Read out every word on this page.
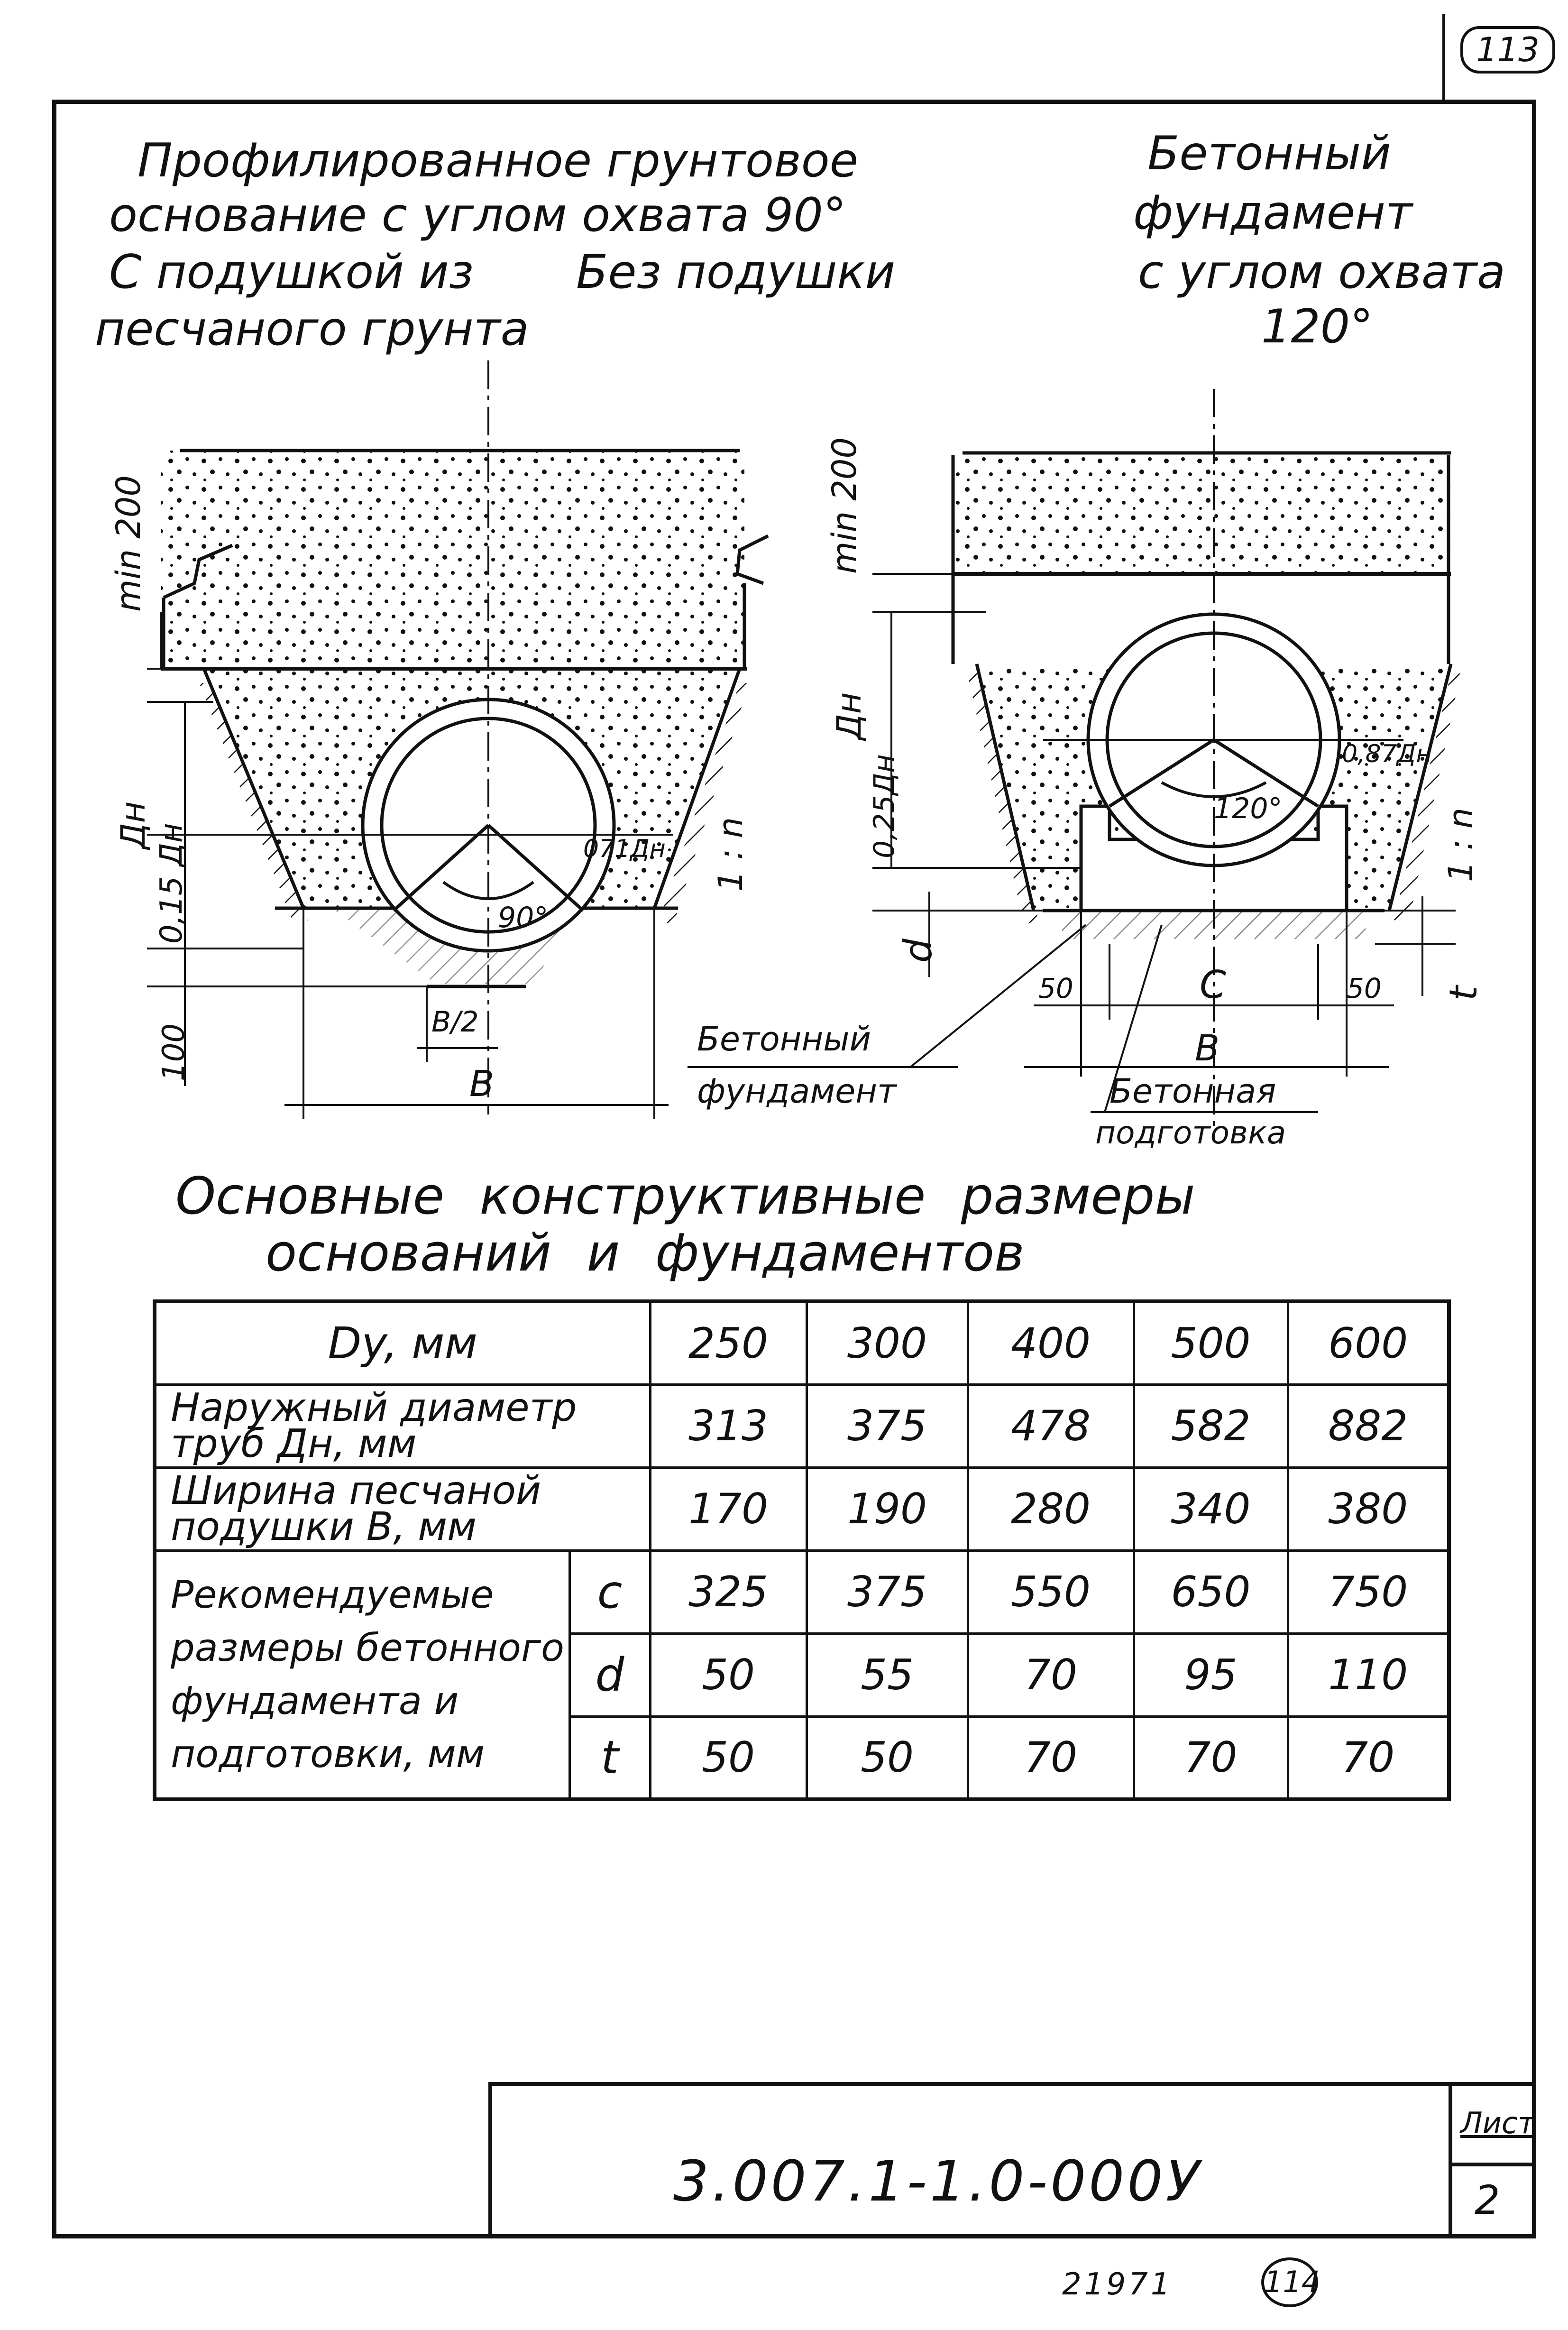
113
Профилированное грунтовое
основание с углом охвата 90°
С подушкой из Без подушки
песчаного грунта
Бетонный
фундамент
с углом охвата
120°
min 200
Дн 0,15 Дн
100
B/2
B
071Дн
90°
1 : n
min 200
Дн
0,25Дн
d
0,87Дн
120°	1 : n
50	C	50 t
B
Бетонный
фундамент	Бетонная
подготовка
Основные конструктивные размеры
оснований и фундаментов
Dy, мм		250	300	400	500	600
Наружный диаметр труб Дн, мм		313	375	478	582	882
Ширина песчаной подушки B, мм		170	190	280	340	380
Рекомендуемые размеры бетонного фундамента и подготовки, мм	c	325	375	550	650	750
	d	50	55	70	95	110
	t	50	50	70	70	70
3.007.1-1.0-000У
Лист
2
21971	114
